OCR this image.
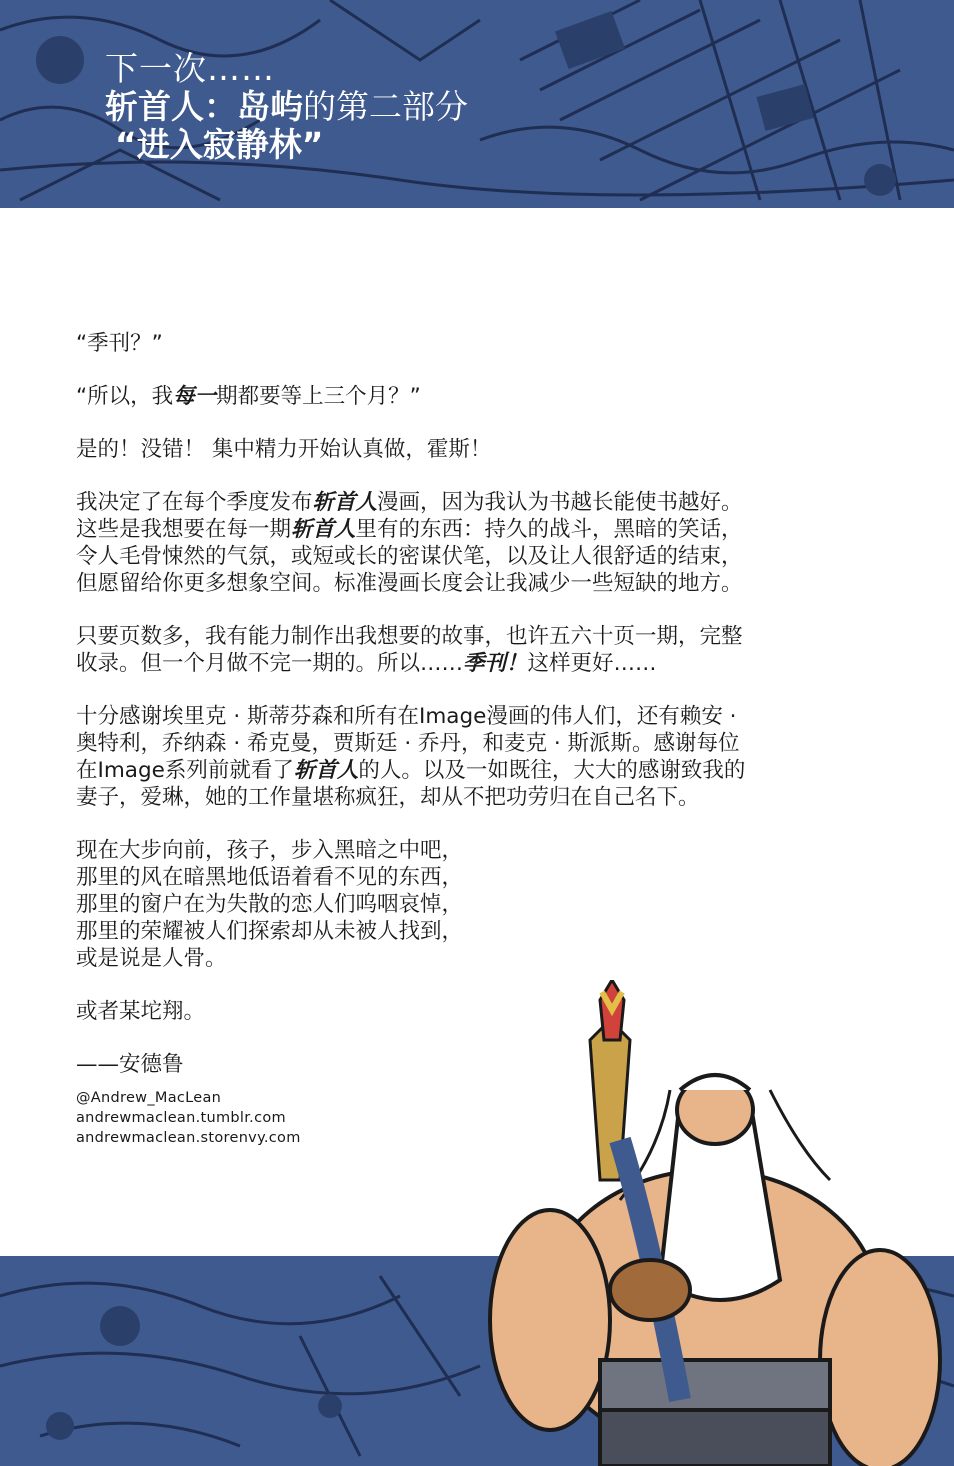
下一次……
斩首人：岛屿的第二部分
“进入寂静林”

“季刊？”

“所以，我每一期都要等上三个月？”

是的！没错！ 集中精力开始认真做，霍斯！

我决定了在每个季度发布斩首人漫画，因为我认为书越长能使书越好。
这些是我想要在每一期斩首人里有的东西：持久的战斗，黑暗的笑话，
令人毛骨悚然的气氛，或短或长的密谋伏笔，以及让人很舒适的结束，
但愿留给你更多想象空间。标准漫画长度会让我减少一些短缺的地方。

只要页数多，我有能力制作出我想要的故事，也许五六十页一期，完整
收录。但一个月做不完一期的。所以……季刊！这样更好……

十分感谢埃里克 · 斯蒂芬森和所有在Image漫画的伟人们，还有赖安 ·
奥特利，乔纳森 · 希克曼，贾斯廷 · 乔丹，和麦克 · 斯派斯。感谢每位
在Image系列前就看了斩首人的人。以及一如既往，大大的感谢致我的
妻子，爱琳，她的工作量堪称疯狂，却从不把功劳归在自己名下。

现在大步向前，孩子，步入黑暗之中吧，
那里的风在暗黑地低语着看不见的东西，
那里的窗户在为失散的恋人们呜咽哀悼，
那里的荣耀被人们探索却从未被人找到，
或是说是人骨。

或者某坨翔。

——安德鲁

@Andrew_MacLean
andrewmaclean.tumblr.com
andrewmaclean.storenvy.com
